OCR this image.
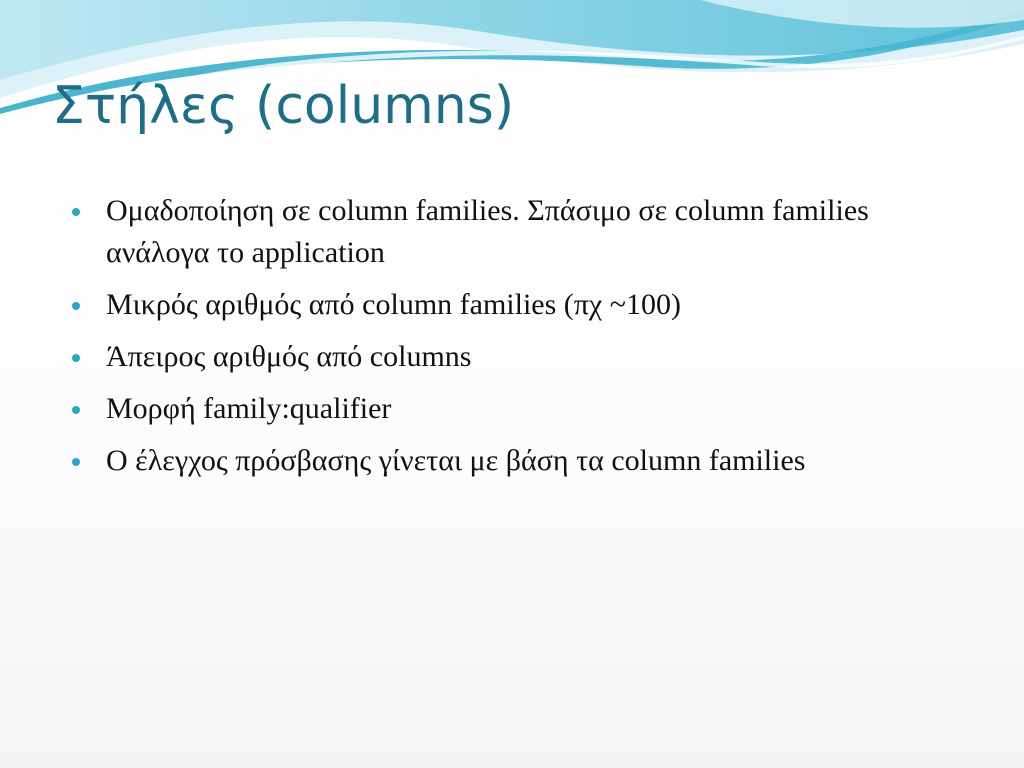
Στήλες (columns)
Ομαδοποίηση σε column families. Σπάσιμο σε column families ανάλογα το application
Μικρός αριθμός από column families (πχ ~100)
Άπειρος αριθμός από columns
Μορφή family:qualifier
Ο έλεγχος πρόσβασης γίνεται με βάση τα column families
